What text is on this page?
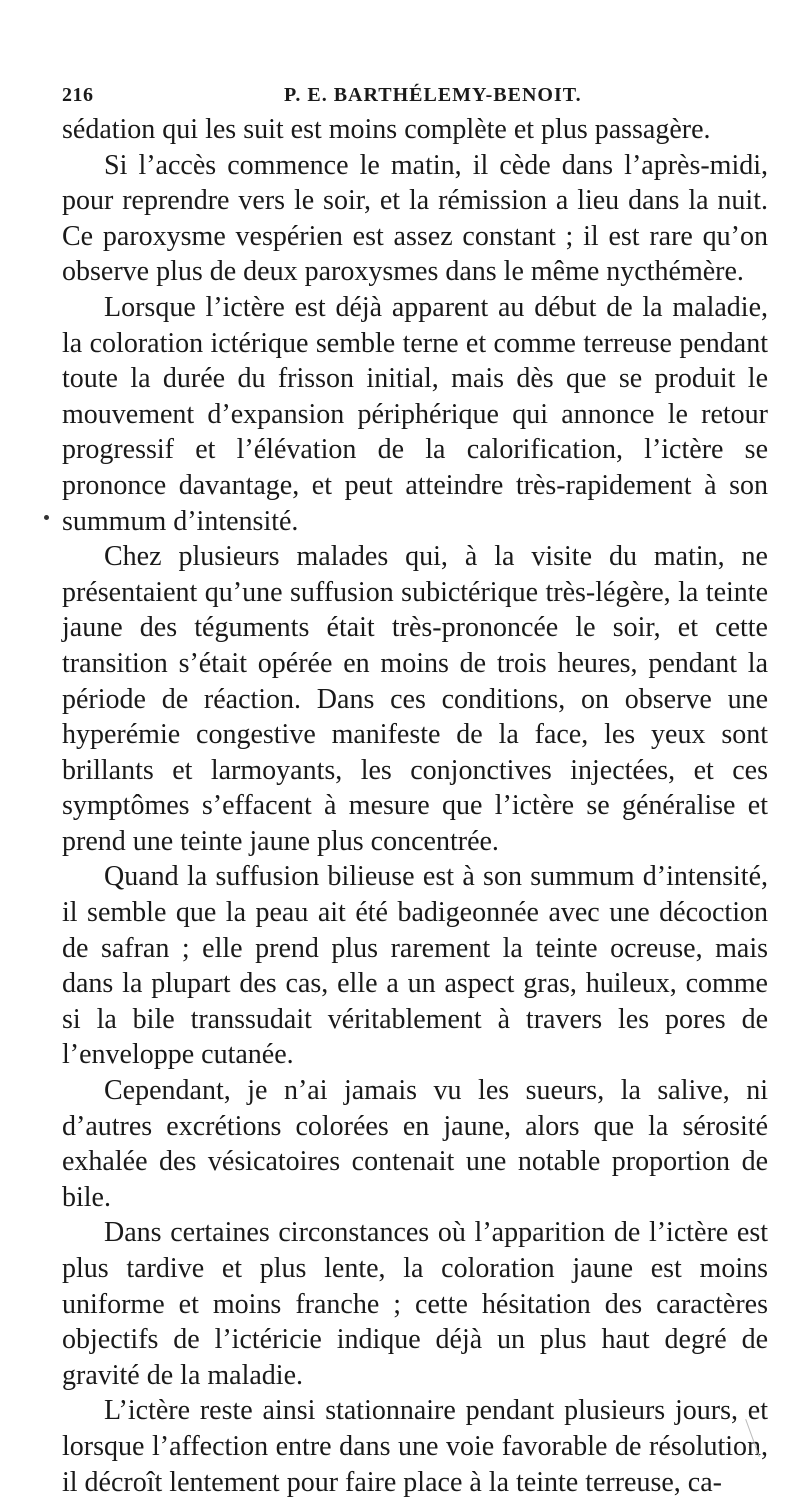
216	P. E. BARTHÉLEMY-BENOIT.

sédation qui les suit est moins complète et plus passagère.

Si l’accès commence le matin, il cède dans l’après-midi, pour reprendre vers le soir, et la rémission a lieu dans la nuit. Ce paroxysme vespérien est assez constant ; il est rare qu’on observe plus de deux paroxysmes dans le même nycthémère.

Lorsque l’ictère est déjà apparent au début de la maladie, la coloration ictérique semble terne et comme terreuse pendant toute la durée du frisson initial, mais dès que se produit le mouvement d’expansion périphérique qui annonce le retour progressif et l’élévation de la calorification, l’ictère se prononce davantage, et peut atteindre très-rapidement à son summum d’intensité.

Chez plusieurs malades qui, à la visite du matin, ne présentaient qu’une suffusion subictérique très-légère, la teinte jaune des téguments était très-prononcée le soir, et cette transition s’était opérée en moins de trois heures, pendant la période de réaction. Dans ces conditions, on observe une hyperémie congestive manifeste de la face, les yeux sont brillants et larmoyants, les conjonctives injectées, et ces symptômes s’effacent à mesure que l’ictère se généralise et prend une teinte jaune plus concentrée.

Quand la suffusion bilieuse est à son summum d’intensité, il semble que la peau ait été badigeonnée avec une décoction de safran ; elle prend plus rarement la teinte ocreuse, mais dans la plupart des cas, elle a un aspect gras, huileux, comme si la bile transsudait véritablement à travers les pores de l’enveloppe cutanée.

Cependant, je n’ai jamais vu les sueurs, la salive, ni d’autres excrétions colorées en jaune, alors que la sérosité exhalée des vésicatoires contenait une notable proportion de bile.

Dans certaines circonstances où l’apparition de l’ictère est plus tardive et plus lente, la coloration jaune est moins uniforme et moins franche ; cette hésitation des caractères objectifs de l’ictéricie indique déjà un plus haut degré de gravité de la maladie.

L’ictère reste ainsi stationnaire pendant plusieurs jours, et lorsque l’affection entre dans une voie favorable de résolution, il décroît lentement pour faire place à la teinte terreuse, ca-
